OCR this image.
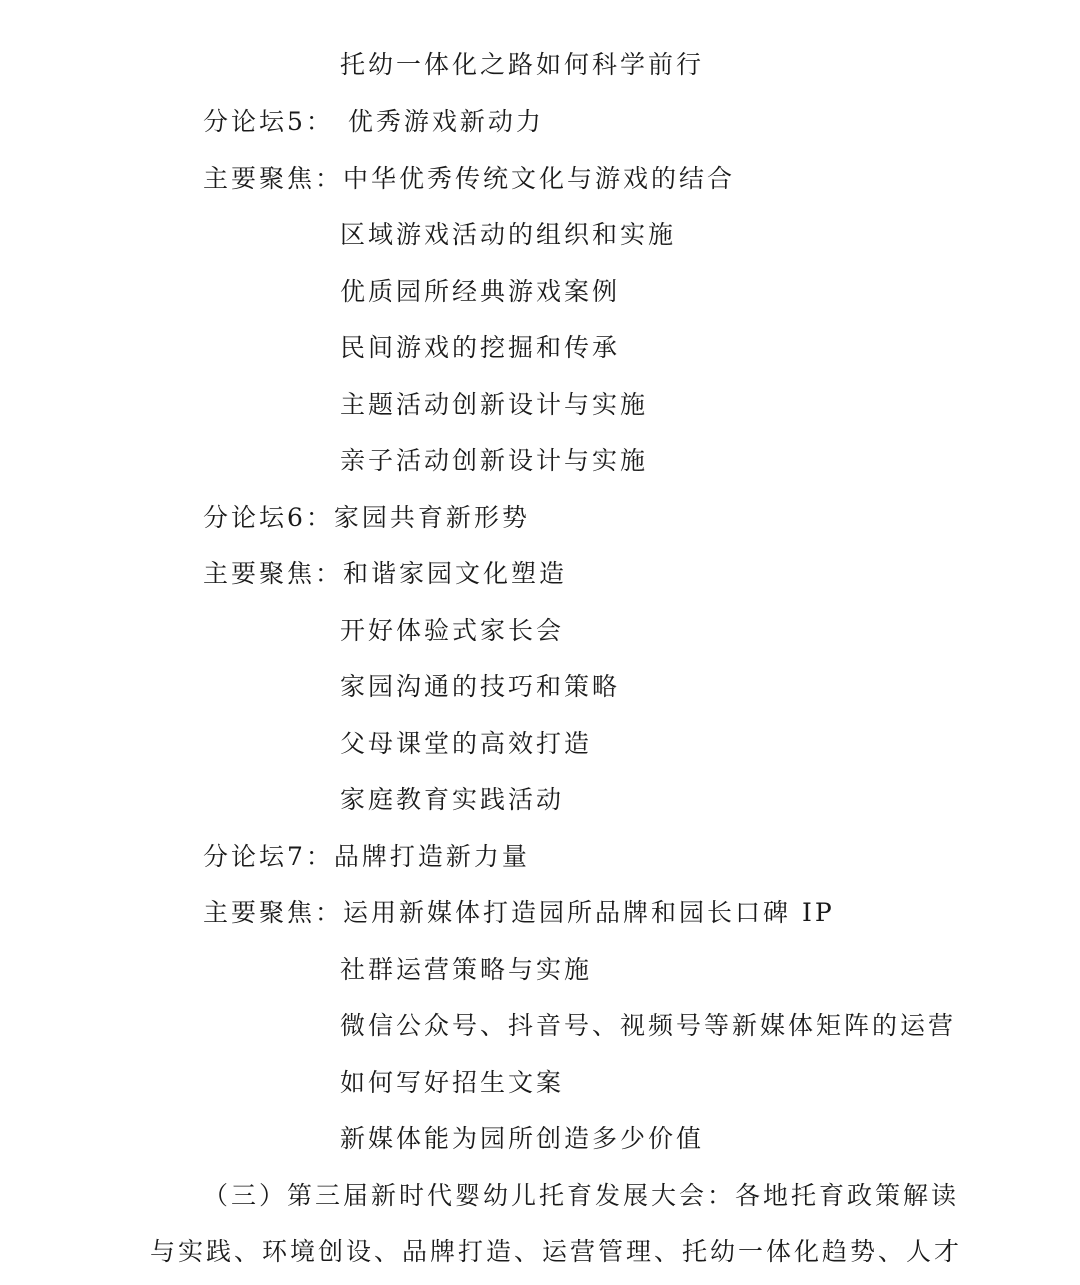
托幼一体化之路如何科学前行
分论坛5： 优秀游戏新动力
主要聚焦：中华优秀传统文化与游戏的结合
区域游戏活动的组织和实施
优质园所经典游戏案例
民间游戏的挖掘和传承
主题活动创新设计与实施
亲子活动创新设计与实施
分论坛6：家园共育新形势
主要聚焦：和谐家园文化塑造
开好体验式家长会
家园沟通的技巧和策略
父母课堂的高效打造
家庭教育实践活动
分论坛7：品牌打造新力量
主要聚焦：运用新媒体打造园所品牌和园长口碑 IP
社群运营策略与实施
微信公众号、抖音号、视频号等新媒体矩阵的运营
如何写好招生文案
新媒体能为园所创造多少价值
（三）第三届新时代婴幼儿托育发展大会：各地托育政策解读
与实践、环境创设、品牌打造、运营管理、托幼一体化趋势、人才
